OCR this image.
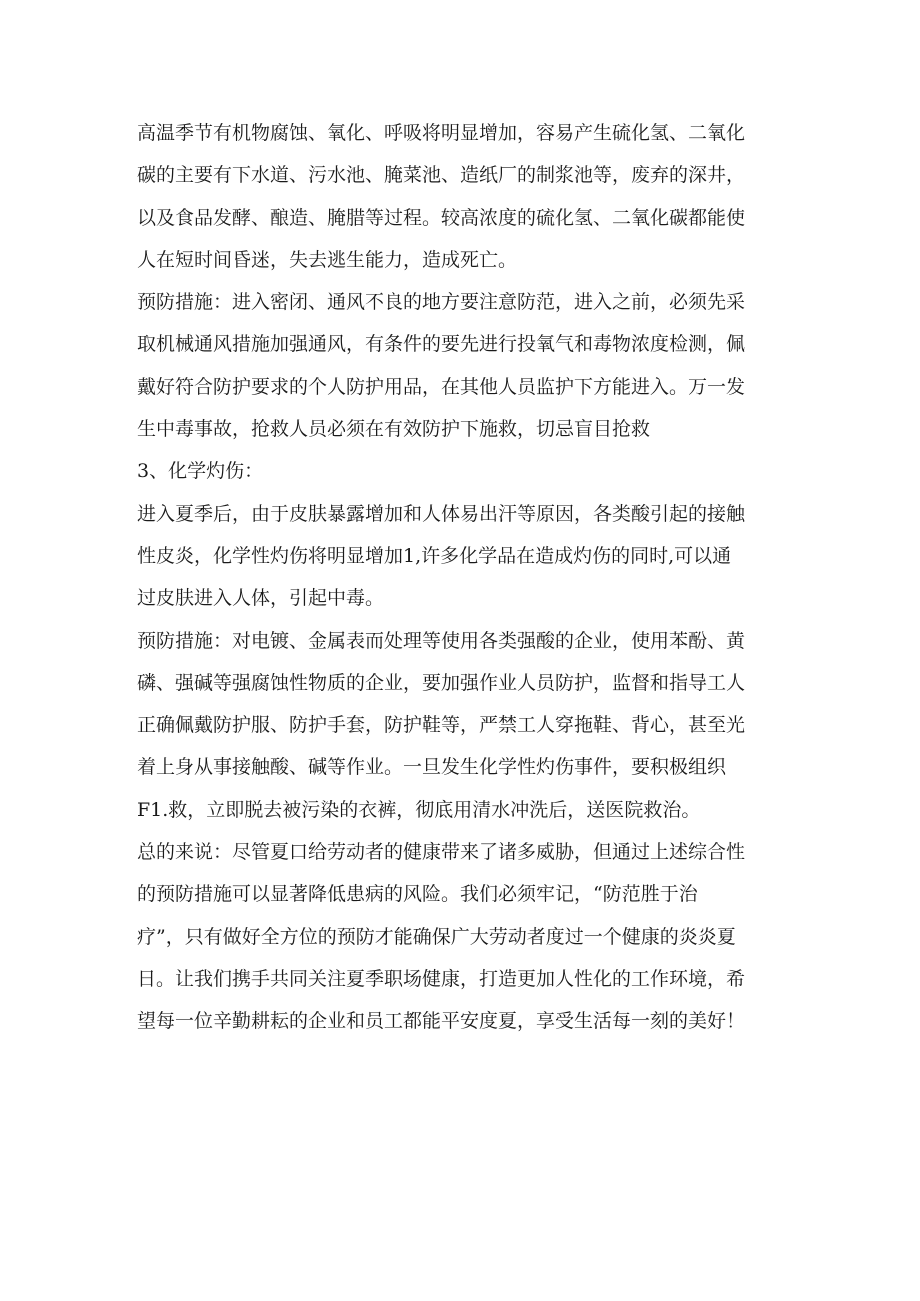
高温季节有机物腐蚀、氧化、呼吸将明显增加，容易产生硫化氢、二氧化
碳的主要有下水道、污水池、腌菜池、造纸厂的制浆池等，废弃的深井，
以及食品发酵、酿造、腌腊等过程。较高浓度的硫化氢、二氧化碳都能使
人在短时间昏迷，失去逃生能力，造成死亡。
预防措施：进入密闭、通风不良的地方要注意防范，进入之前，必须先采
取机械通风措施加强通风，有条件的要先进行投氧气和毒物浓度检测，佩
戴好符合防护要求的个人防护用品，在其他人员监护下方能进入。万一发
生中毒事故，抢救人员必须在有效防护下施救，切忌盲目抢救
3、化学灼伤：
进入夏季后，由于皮肤暴露增加和人体易出汗等原因，各类酸引起的接触
性皮炎，化学性灼伤将明显增加1,许多化学品在造成灼伤的同时,可以通
过皮肤进入人体，引起中毒。
预防措施：对电镀、金属表而处理等使用各类强酸的企业，使用苯酚、黄
磷、强碱等强腐蚀性物质的企业，要加强作业人员防护，监督和指导工人
正确佩戴防护服、防护手套，防护鞋等，严禁工人穿拖鞋、背心，甚至光
着上身从事接触酸、碱等作业。一旦发生化学性灼伤事件，要积极组织
F1.救，立即脱去被污染的衣裤，彻底用清水冲洗后，送医院救治。
总的来说：尽管夏口给劳动者的健康带来了诸多威胁，但通过上述综合性
的预防措施可以显著降低患病的风险。我们必须牢记，“防范胜于治
疗”，只有做好全方位的预防才能确保广大劳动者度过一个健康的炎炎夏
日。让我们携手共同关注夏季职场健康，打造更加人性化的工作环境，希
望每一位辛勤耕耘的企业和员工都能平安度夏，享受生活每一刻的美好！
